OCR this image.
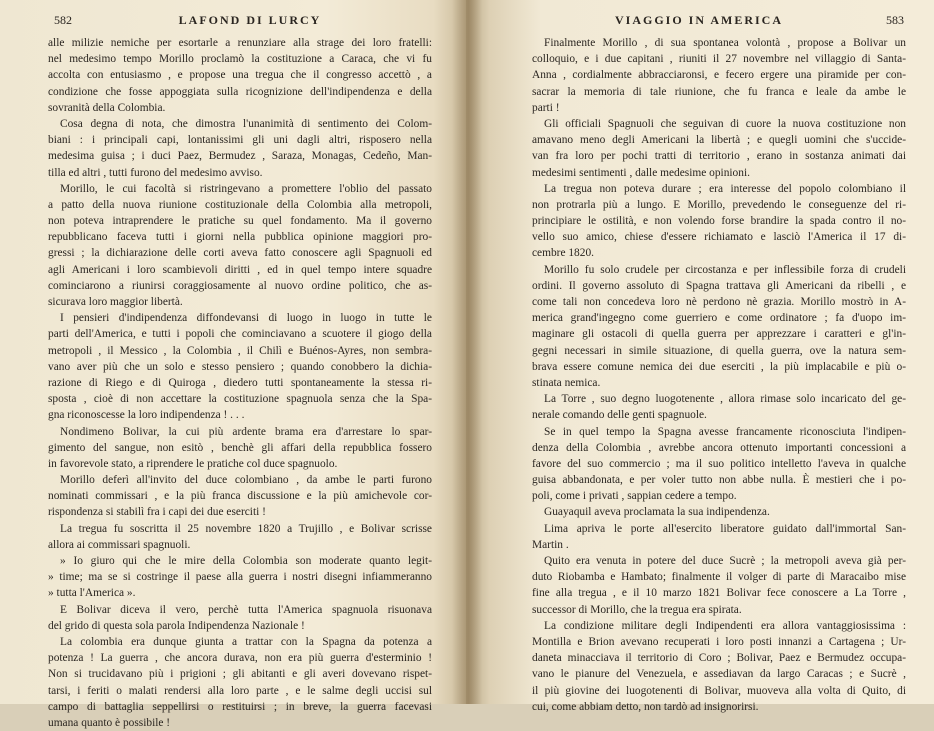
582	LAFOND DI LURCY
alle milizie nemiche per esortarle a renunziare alla strage dei loro fratelli:
nel medesimo tempo Morillo proclamò la costituzione a Caraca, che vi fu
accolta con entusiasmo , e propose una tregua che il congresso accettò , a
condizione che fosse appoggiata sulla ricognizione dell'indipendenza e della
sovranità della Colombia.
Cosa degna di nota, che dimostra l'unanimità di sentimento dei Colom-
biani : i principali capi, lontanissimi gli uni dagli altri, risposero nella
medesima guisa ; i duci Paez, Bermudez , Saraza, Monagas, Cedeño, Man-
tilla ed altri , tutti furono del medesimo avviso.
Morillo, le cui facoltà si ristringevano a promettere l'oblio del passato
a patto della nuova riunione costituzionale della Colombia alla metropoli,
non poteva intraprendere le pratiche su quel fondamento. Ma il governo
repubblicano faceva tutti i giorni nella pubblica opinione maggiori pro-
gressi ; la dichiarazione delle corti aveva fatto conoscere agli Spagnuoli ed
agli Americani i loro scambievoli diritti , ed in quel tempo intere squadre
cominciarono a riunirsi coraggiosamente al nuovo ordine politico, che as-
sicurava loro maggior libertà.
I pensieri d'indipendenza diffondevansi di luogo in luogo in tutte le
parti dell'America, e tutti i popoli che cominciavano a scuotere il giogo della
metropoli , il Messico , la Colombia , il Chilì e Buénos-Ayres, non sembra-
vano aver più che un solo e stesso pensiero ; quando conobbero la dichia-
razione di Riego e di Quiroga , diedero tutti spontaneamente la stessa ri-
sposta , cioè di non accettare la costituzione spagnuola senza che la Spa-
gna riconoscesse la loro indipendenza ! . . .
Nondimeno Bolivar, la cui più ardente brama era d'arrestare lo spar-
gimento del sangue, non esitò , benchè gli affari della repubblica fossero
in favorevole stato, a riprendere le pratiche col duce spagnuolo.
Morillo deferì all'invito del duce colombiano , da ambe le parti furono
nominati commissari , e la più franca discussione e la più amichevole cor-
rispondenza si stabilì fra i capi dei due eserciti !
La tregua fu soscritta il 25 novembre 1820 a Trujillo , e Bolivar scrisse
allora ai commissari spagnuoli.
» Io giuro qui che le mire della Colombia son moderate quanto legit-
» time; ma se si costringe il paese alla guerra i nostri disegni infiammeranno
» tutta l'America ».
E Bolivar diceva il vero, perchè tutta l'America spagnuola risuonava
del grido di questa sola parola Indipendenza Nazionale !
La colombia era dunque giunta a trattar con la Spagna da potenza a
potenza ! La guerra , che ancora durava, non era più guerra d'esterminio !
Non si trucidavano più i prigioni ; gli abitanti e gli averi dovevano rispet-
tarsi, i feriti o malati rendersi alla loro parte , e le salme degli uccisi sul
campo di battaglia seppellirsi o restituirsi ; in breve, la guerra facevasi
umana quanto è possibile !
VIAGGIO IN AMERICA	583
Finalmente Morillo , di sua spontanea volontà , propose a Bolivar un
colloquio, e i due capitani , riuniti il 27 novembre nel villaggio di Santa-
Anna , cordialmente abbracciaronsi, e fecero ergere una piramide per con-
sacrar la memoria di tale riunione, che fu franca e leale da ambe le
parti !
Gli officiali Spagnuoli che seguivan di cuore la nuova costituzione non
amavano meno degli Americani la libertà ; e quegli uomini che s'uccide-
van fra loro per pochi tratti di territorio , erano in sostanza animati dai
medesimi sentimenti , dalle medesime opinioni.
La tregua non poteva durare ; era interesse del popolo colombiano il
non protrarla più a lungo. E Morillo, prevedendo le conseguenze del ri-
principiare le ostilità, e non volendo forse brandire la spada contro il no-
vello suo amico, chiese d'essere richiamato e lasciò l'America il 17 di-
cembre 1820.
Morillo fu solo crudele per circostanza e per inflessibile forza di crudeli
ordini. Il governo assoluto di Spagna trattava gli Americani da ribelli , e
come tali non concedeva loro nè perdono nè grazia. Morillo mostrò in A-
merica grand'ingegno come guerriero e come ordinatore ; fa d'uopo im-
maginare gli ostacoli di quella guerra per apprezzare i caratteri e gl'in-
gegni necessari in simile situazione, di quella guerra, ove la natura sem-
brava essere comune nemica dei due eserciti , la più implacabile e più o-
stinata nemica.
La Torre , suo degno luogotenente , allora rimase solo incaricato del ge-
nerale comando delle genti spagnuole.
Se in quel tempo la Spagna avesse francamente riconosciuta l'indipen-
denza della Colombia , avrebbe ancora ottenuto importanti concessioni a
favore del suo commercio ; ma il suo politico intelletto l'aveva in qualche
guisa abbandonata, e per voler tutto non abbe nulla. È mestieri che i po-
poli, come i privati , sappian cedere a tempo.
Guayaquil aveva proclamata la sua indipendenza.
Lima apriva le porte all'esercito liberatore guidato dall'immortal San-
Martin .
Quito era venuta in potere del duce Sucrè ; la metropoli aveva già per-
duto Riobamba e Hambato; finalmente il volger di parte di Maracaibo mise
fine alla tregua , e il 10 marzo 1821 Bolivar fece conoscere a La Torre ,
successor di Morillo, che la tregua era spirata.
La condizione militare degli Indipendenti era allora vantaggiosissima :
Montilla e Brion avevano recuperati i loro posti innanzi a Cartagena ; Ur-
daneta minacciava il territorio di Coro ; Bolivar, Paez e Bermudez occupa-
vano le pianure del Venezuela, e assediavan da largo Caracas ; e Sucrè ,
il più giovine dei luogotenenti di Bolivar, muoveva alla volta di Quito, di
cui, come abbiam detto, non tardò ad insignorirsi.
